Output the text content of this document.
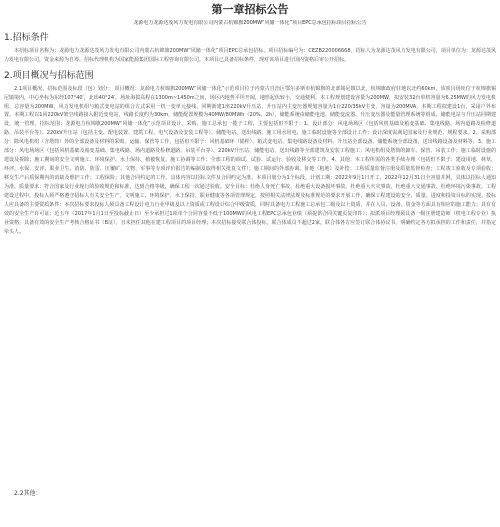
第一章招标公告
龙源电力龙源达茂风力发电有限公司内蒙古杭锦旗200MW“风储一体化”项目EPC总承包招标项目招标公告
1.招标条件

本招标项目名称为：龙源电力龙源达茂风力发电有限公司内蒙古杭锦旗200MW“风储一体化”项目EPC总承包招标，项目招标编号为：CEZB220006668，招标人为龙源达茂风力发电有限公司，项目单位为：龙源达茂风力发电有限公司，资金来源为自筹。招标代理机构为国家能源集团国际工程咨询有限公司。本项目已具备招标条件，现对该项目进行国内资格后审公开招标。

2.项目概况与招标范围

2.1项目概况、招标范围及标段（包）划分： 项目概况：龙源电力杭锦旗200MW“风储一体化”示范项目位于内蒙古自治区鄂尔多斯市杭锦旗的北部锡尼镇以北，杭锦旗政府驻地以北约60km，该项目场址位于杭锦旗锡尼镇境内，中心坐标为东经107°40′，北纬40°24′，场址海拔高程在1300m~1450m之间，场区内地势平坦开阔，地形起伏较小，交通便利。本工程规划建设容量为200MW，拟安装32台单机容量为6.25MW的风力发电机组，总容量为200MW，风力发电机组与箱式变电站的组合方式采用一机一变单元接线。同期新建1座220kV升压站，升压站内主变压器规划容量为1台220/35kV主变，容量为200MVA，本期工程拟建设1台，采用户外布置。本期工程以1回220kV架空线路接入附近变电站，线路长度约为30km，储能配置规模为40MW/80MWh（20%、2h），储能系统由储能电池、储能变流器、升压变压器及能量管理系统等组成。储能电站与升压站同期建设，统一管理。招标范围：龙源电力杭锦旗200MW“风储一体化”示范项目设计、采购、施工总承包一揽子工程，主要包括但不限于：1、设计部分：风电场场区（包括风机基础及箱变基础、集电线路、场内道路及检修道路、吊装平台等）、220kV升压站（包括主变、配电装置、建筑工程、电气设备及安装工程等）、储能电站、送出线路、施工用水用电、施工临时设施等全部设计工作；设计深度需满足国家及行业规范、规程要求。2、采购部分：除风电机组（含塔筒）外的全部设备及材料的采购、运输、保管等工作，包括但不限于：风机基础环（锚栓）、箱式变电站、集电线路设备及材料、升压站全部设备、储能系统全部设备、送出线路设备及材料等。3、施工部分：风电场场区（包括风机基础及箱变基础、集电线路、场内道路及检修道路、吊装平台等）、220kV升压站、储能电站、送出线路等全部建筑及安装工程施工；风电机组及塔筒的卸车、保管、吊装工作；施工临时设施的建设及拆除；施工期间的安全文明施工、环境保护、水土保持、植被恢复、施工协调等工作；全部工程的调试、试验、试运行、验收及移交等工作。4、其他：本工程所需的各类手续办理（包括但不限于：建设用地、林草、环评、水保、安评、职业卫生、消防、防雷、压覆矿、文物、军事等专项评价报告的编制及取得相关批复文件）；施工期间的外部协调、征地（租地）及补偿；工程质量监督注册及质量监督检查；工程竣工验收及专项验收；移交生产后质保期内的消缺及维护工作；工程保险；其他合同约定的工作。具体内容以招标文件及合同约定为准。本项目划分为1个标段。计划工期：2022年9月1日开工，2022年12月31日全容量并网，具体以招标人通知为准。质量要求：符合国家及行业现行的验收规范和标准，达到合格等级，确保工程一次通过验收。安全目标：杜绝人身死亡事故、杜绝重大设备损坏事故、杜绝重大火灾事故、杜绝重大交通事故、杜绝环境污染事故。工程建设过程中，投标人须严格遵守招标人有关安全生产、文明施工、环境保护、水土保持、职业健康等各项管理规定，按照相关法律法规及标准规范的要求开展工作，确保工程建设的安全、质量、进度和投资目标的实现。投标人应具备的主要资质条件：本次招标要求投标人须具备工程设计电力行业甲级及以上资质或工程设计综合甲级资质，同时具备电力工程施工总承包二级及以上资质，并在人员、设备、资金等方面具有相应的施工能力；具有有效的安全生产许可证；近五年（2017年1月1日至投标截止日）至少承担过1项单个合同容量不低于100MW的风电工程EPC总承包业绩（须提供合同关键页复印件）；拟派项目经理须具备一级注册建造师（机电工程专业）执业资格，具备有效的安全生产考核合格证书（B证），且未担任其他在建工程项目的项目经理；本次招标接受联合体投标，联合体成员不超过2家，联合体各方应签订联合体协议书，明确约定各方拟承担的工作和责任，并指定牵头人。

2.2其他：
